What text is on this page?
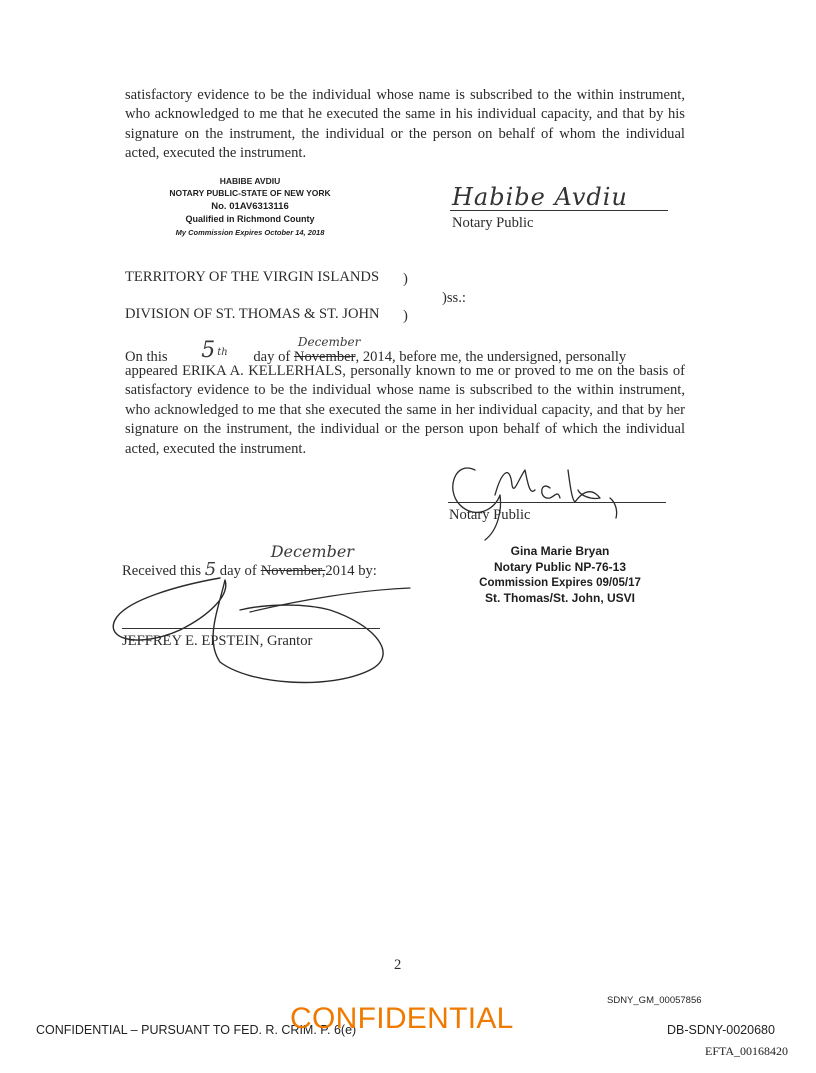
satisfactory evidence to be the individual whose name is subscribed to the within instrument, who acknowledged to me that he executed the same in his individual capacity, and that by his signature on the instrument, the individual or the person on behalf of whom the individual acted, executed the instrument.
HABIBE AVDIU
NOTARY PUBLIC-STATE OF NEW YORK
No. 01AV6313116
Qualified in Richmond County
My Commission Expires October 14, 2018
Habibe Avdiu
Notary Public
TERRITORY OF THE VIRGIN ISLANDS )
)ss.:
DIVISION OF ST. THOMAS & ST. JOHN )
On this 5 $^{th}$ day of November
December
, 2014, before me, the undersigned, personally
appeared ERIKA A. KELLERHALS, personally known to me or proved to me on the basis of satisfactory evidence to be the individual whose name is subscribed to the within instrument, who acknowledged to me that she executed the same in her individual capacity, and that by her signature on the instrument, the individual or the person upon behalf of which the individual acted, executed the instrument.
Notary Public
Gina Marie Bryan
Notary Public NP-76-13
Commission Expires 09/05/17
St. Thomas/St. John, USVI
Received this 5 day of November,
December
2014 by:
JEFFREY E. EPSTEIN, Grantor
2
SDNY_GM_00057856
CONFIDENTIAL – PURSUANT TO FED. R. CRIM. P. 6(e)
CONFIDENTIAL	DB-SDNY-0020680
EFTA_00168420
